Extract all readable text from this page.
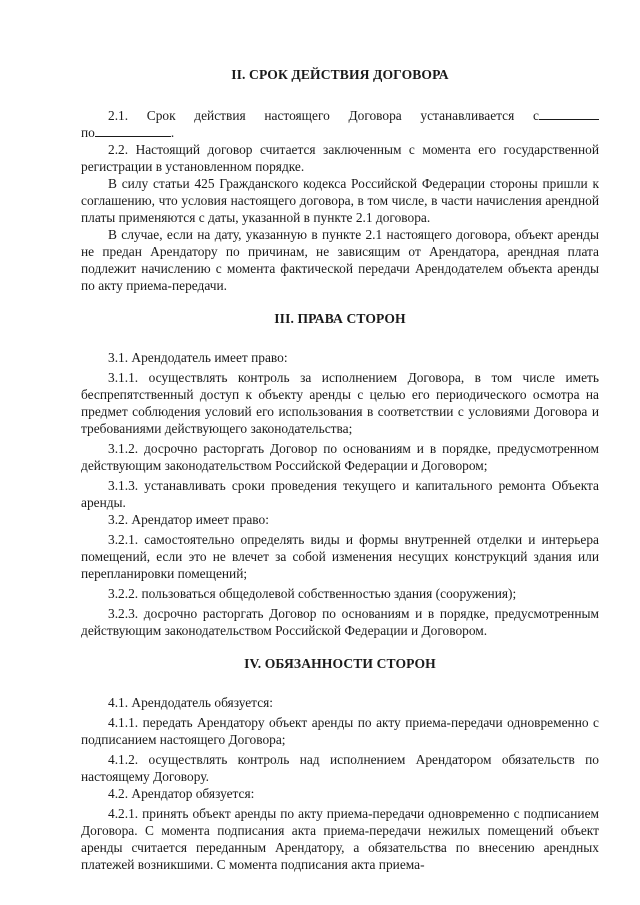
II. СРОК ДЕЙСТВИЯ ДОГОВОРА
2.1. Срок действия настоящего Договора устанавливается с

по	.

2.2. Настоящий договор считается заключенным с момента его государственной регистрации в установленном порядке.

В силу статьи 425 Гражданского кодекса Российской Федерации стороны пришли к соглашению, что условия настоящего договора, в том числе, в части начисления арендной платы применяются с даты, указанной в пункте 2.1 договора.

В случае, если на дату, указанную в пункте 2.1 настоящего договора, объект аренды не предан Арендатору по причинам, не зависящим от Арендатора, арендная плата подлежит начислению с момента фактической передачи Арендодателем объекта аренды по акту приема-передачи.

III. ПРАВА СТОРОН

3.1. Арендодатель имеет право:

3.1.1. осуществлять контроль за исполнением Договора, в том числе иметь беспрепятственный доступ к объекту аренды с целью его периодического осмотра на предмет соблюдения условий его использования в соответствии с условиями Договора и требованиями действующего законодательства;

3.1.2. досрочно расторгать Договор по основаниям и в порядке, предусмотренном действующим законодательством Российской Федерации и Договором;

3.1.3. устанавливать сроки проведения текущего и капитального ремонта Объекта аренды.

3.2. Арендатор имеет право:

3.2.1. самостоятельно определять виды и формы внутренней отделки и интерьера помещений, если это не влечет за собой изменения несущих конструкций здания или перепланировки помещений;

3.2.2. пользоваться общедолевой собственностью здания (сооружения);

3.2.3. досрочно расторгать Договор по основаниям и в порядке, предусмотренным действующим законодательством Российской Федерации и Договором.

IV. ОБЯЗАННОСТИ СТОРОН

4.1. Арендодатель обязуется:

4.1.1. передать Арендатору объект аренды по акту приема-передачи одновременно с подписанием настоящего Договора;

4.1.2. осуществлять контроль над исполнением Арендатором обязательств по настоящему Договору.

4.2. Арендатор обязуется:

4.2.1. принять объект аренды по акту приема-передачи одновременно с подписанием Договора. С момента подписания акта приема-передачи нежилых помещений объект аренды считается переданным Арендатору, а обязательства по внесению арендных платежей возникшими. С момента подписания акта приема-
